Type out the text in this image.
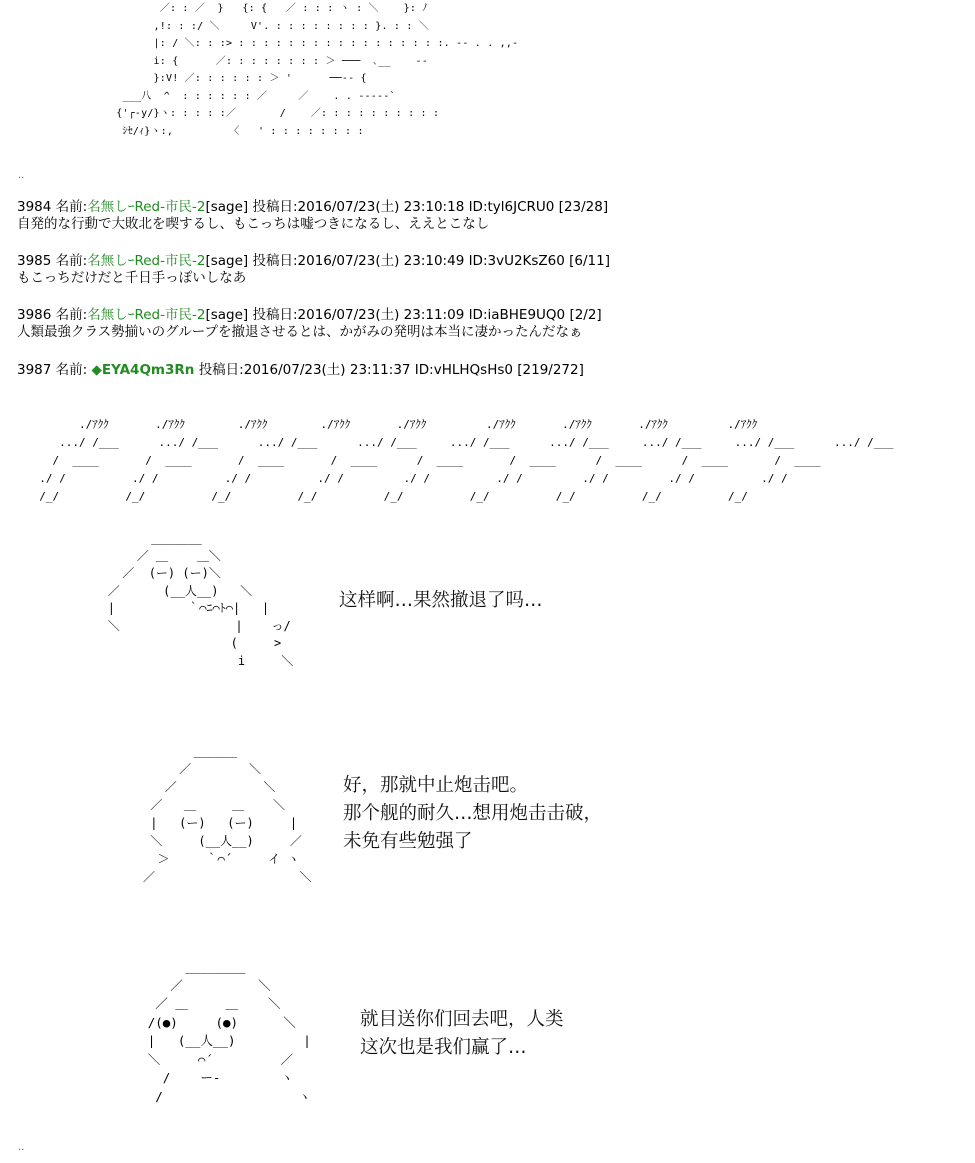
／: : ／  }   {: {   ／ : : : ヽ : ＼    }: ﾉ
,!: : :/ ＼     V'. : : : : : : : : }. : : ＼
|: / ＼: : :> : : : : : : : : : : : : : : : : :. -‐ . . ,,-
i: {      ／: : : : : : : : ＞ ───  ､__    ‐-
}:V! ／: : : : : : ＞ '      ──‐- {
___八  ^  : : : : : : ／     ／    . . -----`
{'┌‐y/}ヽ: : : : :／       /    ／: : : : : : : : : :
ｼｾ/ｨ}ヽ:,         〈   ' : : : : : : : :
..
3984 名前:名無しｰRed-市民-2[sage] 投稿日:2016/07/23(土) 23:10:18 ID:tyl6JCRU0 [23/28]
自発的な行動で大敗北を喫するし、もこっちは嘘つきになるし、ええとこなし
3985 名前:名無しｰRed-市民-2[sage] 投稿日:2016/07/23(土) 23:10:49 ID:3vU2KsZ60 [6/11]
もこっちだけだと千日手っぽいしなあ
3986 名前:名無しｰRed-市民-2[sage] 投稿日:2016/07/23(土) 23:11:09 ID:iaBHE9UQ0 [2/2]
人類最強クラス勢揃いのグループを撤退させるとは、かがみの発明は本当に凄かったんだなぁ
3987 名前: ◆EYA4Qm3Rn 投稿日:2016/07/23(土) 23:11:37 ID:vHLHQsHs0 [219/272]
./ｱｸｸ       ./ｱｸｸ        ./ｱｸｸ        ./ｱｸｸ       ./ｱｸｸ         ./ｱｸｸ       ./ｱｸｸ       ./ｱｸｸ         ./ｱｸｸ
.../ /___      .../ /___      .../ /___      .../ /___     .../ /___      .../ /___     .../ /___     .../ /___      .../ /___
/  ____       /  ____       /  ____       /  ____      /  ____       /  ____      /  ____      /  ____       /  ____
./ /          ./ /          ./ /          ./ /         ./ /          ./ /         ./ /         ./ /          ./ /
/_/          /_/          /_/          /_/          /_/          /_/          /_/          /_/          /_/
_______
／ ＿    ＿＼
／  (ー) (ー)＼
／      (__人__)   ＼
|          ｀⌒ﾆ⌒ﾄ⌒|   |
＼                |    っ/
(     >
i     ＼
这样啊…果然撤退了吗…
______
／        ＼
／            ＼
／   ＿     ＿    ＼
|   (ー)   (ー)     |
＼     (__人__)     ／
＞     ｀⌒´     イ ヽ
／                    ＼
好，那就中止炮击吧。
那个舰的耐久…想用炮击击破，
未免有些勉强了
________
／          ＼
／ ＿     ＿    ＼
/(●)     (●)      ＼
|   (__人__)         |
＼     ⌒´         ／
/    ー-        ヽ
/                  ヽ
就目送你们回去吧，人类
这次也是我们赢了…
..
